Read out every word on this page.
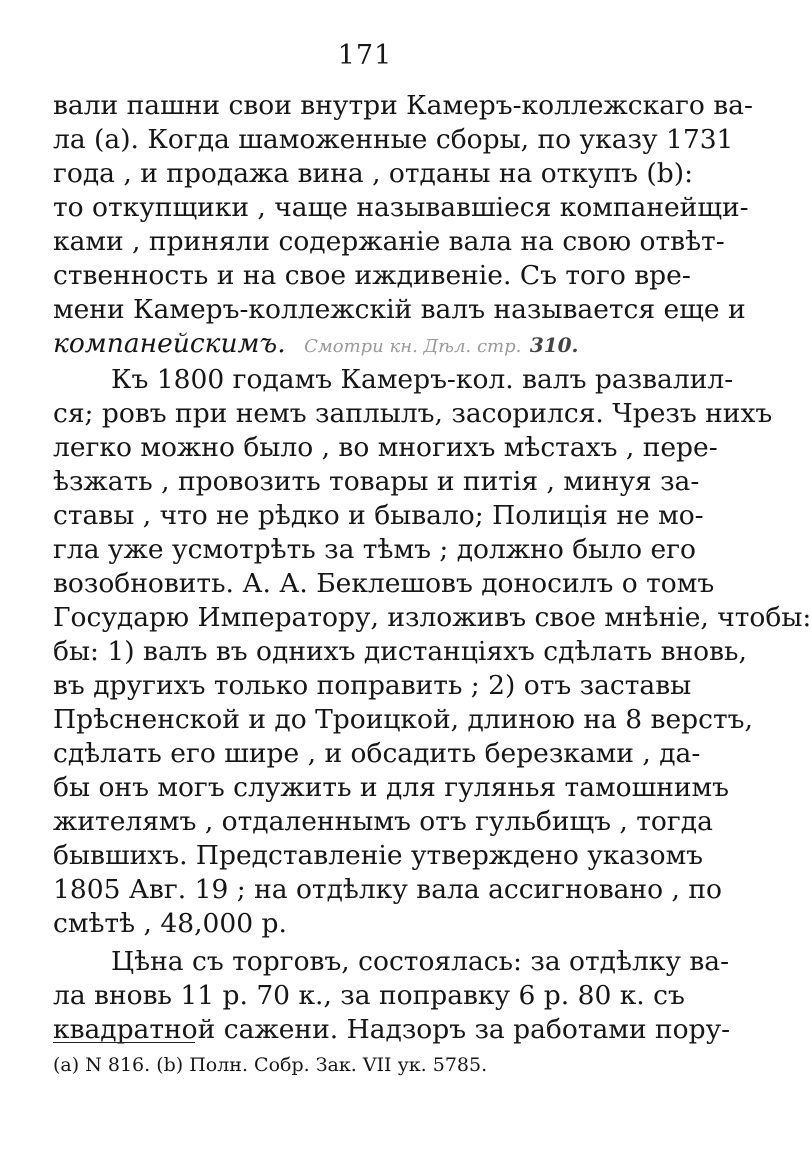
171
вали пашни свои внутри Камеръ-коллежскаго ва-
ла (а). Когда шаможенные сборы, по указу 1731
года , и продажа вина , отданы на откупъ (b):
то откупщики , чаще называвшіеся компанейщи-
ками , приняли содержаніе вала на свою отвѣт-
ственность и на свое иждивеніе. Съ того вре-
мени Камеръ-коллежскій валъ называется еще и
компанейскимъ. Смотри кн. Дѣл. стр. 310.
Къ 1800 годамъ Камеръ-кол. валъ развалил-
ся; ровъ при немъ заплылъ, засорился. Чрезъ нихъ
легко можно было , во многихъ мѣстахъ , пере-
ѣзжать , провозить товары и питія , минуя за-
ставы , что не рѣдко и бывало; Полиція не мо-
гла уже усмотрѣть за тѣмъ ; должно было его
возобновить. А. А. Беклешовъ доносилъ о томъ
Государю Императору, изложивъ свое мнѣніе, чтобы:
бы: 1) валъ въ однихъ дистанціяхъ сдѣлать вновь,
въ другихъ только поправить ; 2) отъ заставы
Прѣсненской и до Троицкой, длиною на 8 верстъ,
сдѣлать его шире , и обсадить березками , да-
бы онъ могъ служить и для гулянья тамошнимъ
жителямъ , отдаленнымъ отъ гульбищъ , тогда
бывшихъ. Представленіе утверждено указомъ
1805 Авг. 19 ; на отдѣлку вала ассигновано , по
смѣтѣ , 48,000 р.
Цѣна съ торговъ, состоялась: за отдѣлку ва-
ла вновь 11 р. 70 к., за поправку 6 р. 80 к. съ
квадратной сажени. Надзоръ за работами пору-
(а) N 816. (b) Полн. Собр. Зак. VII ук. 5785.
